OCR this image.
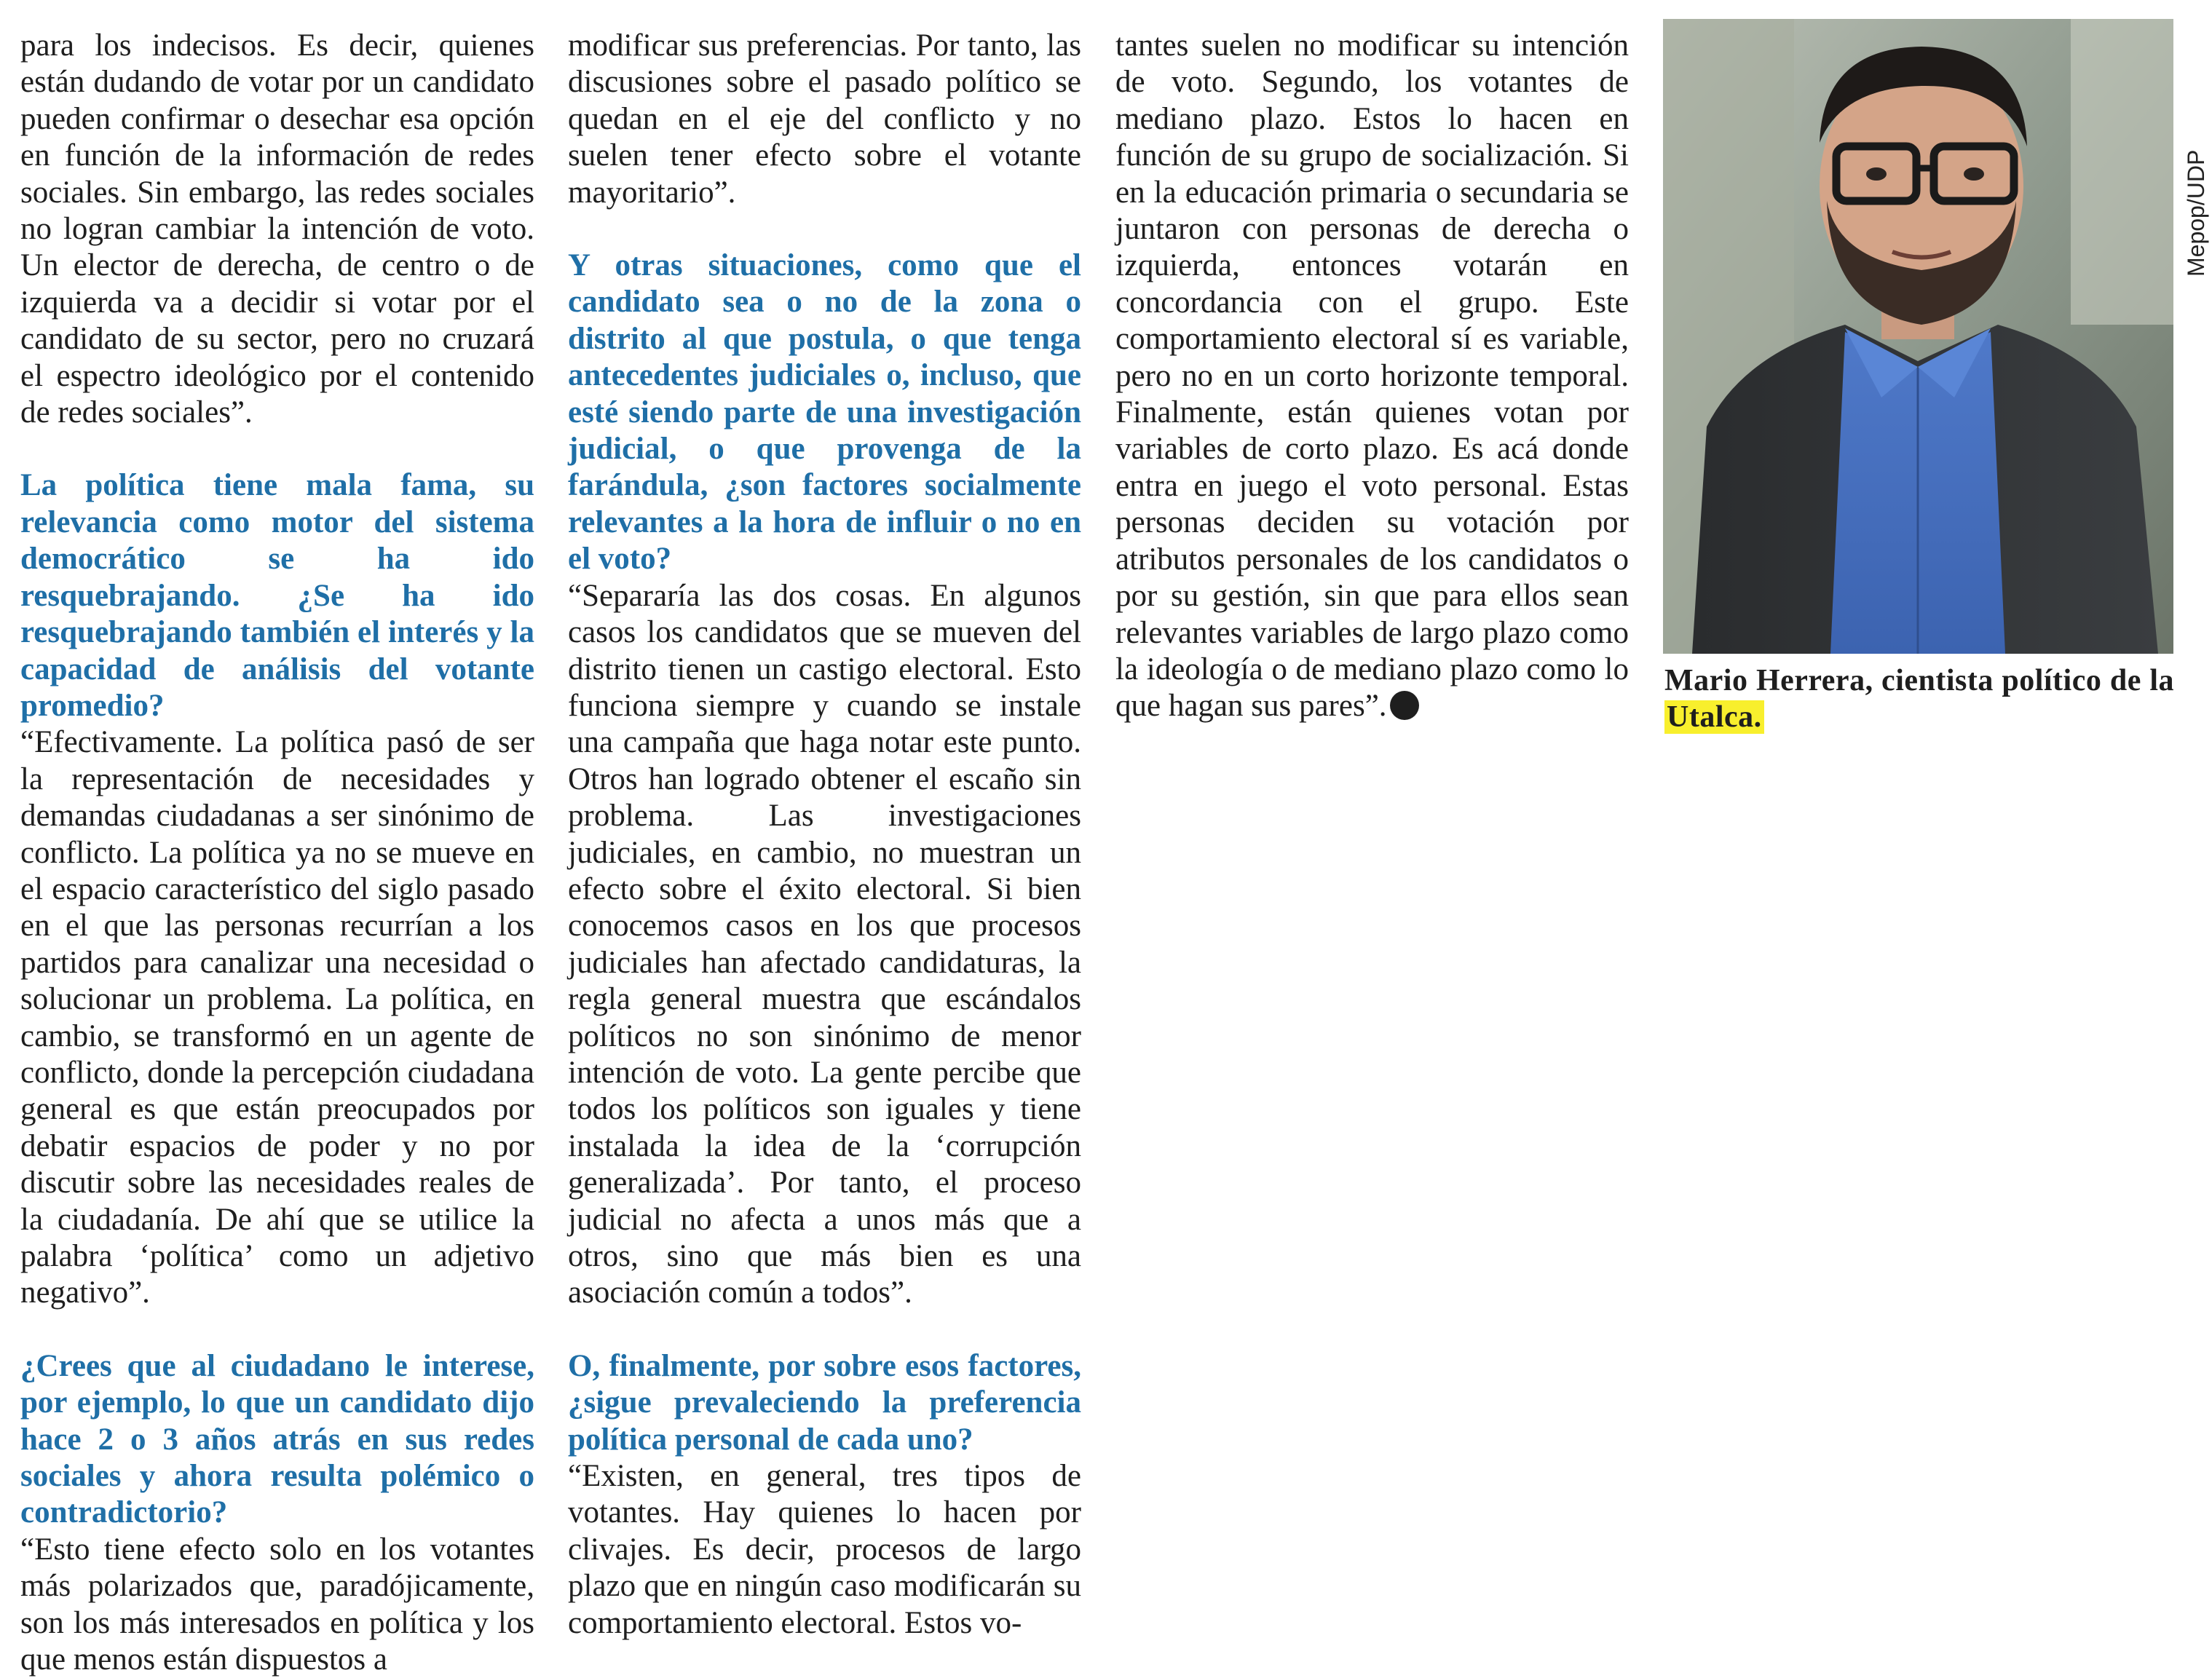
para los indecisos. Es decir, quienes están dudando de votar por un candidato pueden confirmar o desechar esa opción en función de la información de redes sociales. Sin embargo, las redes sociales no logran cambiar la intención de voto. Un elector de derecha, de centro o de izquierda va a decidir si votar por el candidato de su sector, pero no cruzará el espectro ideológico por el contenido de redes sociales”.

La política tiene mala fama, su relevancia como motor del sistema democrático se ha ido resquebrajando. ¿Se ha ido resquebrajando también el interés y la capacidad de análisis del votante promedio?

“Efectivamente. La política pasó de ser la representación de necesidades y demandas ciudadanas a ser sinónimo de conflicto. La política ya no se mueve en el espacio característico del siglo pasado en el que las personas recurrían a los partidos para canalizar una necesidad o solucionar un problema. La política, en cambio, se transformó en un agente de conflicto, donde la percepción ciudadana general es que están preocupados por debatir espacios de poder y no por discutir sobre las necesidades reales de la ciudadanía. De ahí que se utilice la palabra ‘política’ como un adjetivo negativo”.

¿Crees que al ciudadano le interese, por ejemplo, lo que un candidato dijo hace 2 o 3 años atrás en sus redes sociales y ahora resulta polémico o contradictorio?

“Esto tiene efecto solo en los votantes más polarizados que, paradójicamente, son los más interesados en política y los que menos están dispuestos a

modificar sus preferencias. Por tanto, las discusiones sobre el pasado político se quedan en el eje del conflicto y no suelen tener efecto sobre el votante mayoritario”.

Y otras situaciones, como que el candidato sea o no de la zona o distrito al que postula, o que tenga antecedentes judiciales o, incluso, que esté siendo parte de una investigación judicial, o que provenga de la farándula, ¿son factores socialmente relevantes a la hora de influir o no en el voto?

“Separaría las dos cosas. En algunos casos los candidatos que se mueven del distrito tienen un castigo electoral. Esto funciona siempre y cuando se instale una campaña que haga notar este punto. Otros han logrado obtener el escaño sin problema. Las investigaciones judiciales, en cambio, no muestran un efecto sobre el éxito electoral. Si bien conocemos casos en los que procesos judiciales han afectado candidaturas, la regla general muestra que escándalos políticos no son sinónimo de menor intención de voto. La gente percibe que todos los políticos son iguales y tiene instalada la idea de la ‘corrupción generalizada’. Por tanto, el proceso judicial no afecta a unos más que a otros, sino que más bien es una asociación común a todos”.

O, finalmente, por sobre esos factores, ¿sigue prevaleciendo la preferencia política personal de cada uno?

“Existen, en general, tres tipos de votantes. Hay quienes lo hacen por clivajes. Es decir, procesos de largo plazo que en ningún caso modificarán su comportamiento electoral. Estos vo-

tantes suelen no modificar su intención de voto. Segundo, los votantes de mediano plazo. Estos lo hacen en función de su grupo de socialización. Si en la educación primaria o secundaria se juntaron con personas de derecha o izquierda, entonces votarán en concordancia con el grupo. Este comportamiento electoral sí es variable, pero no en un corto horizonte temporal. Finalmente, están quienes votan por variables de corto plazo. Es acá donde entra en juego el voto personal. Estas personas deciden su votación por atributos personales de los candidatos o por su gestión, sin que para ellos sean relevantes variables de largo plazo como la ideología o de mediano plazo como lo que hagan sus pares”.

Mepop/UDP
Mario Herrera, cientista político de la Utalca.
